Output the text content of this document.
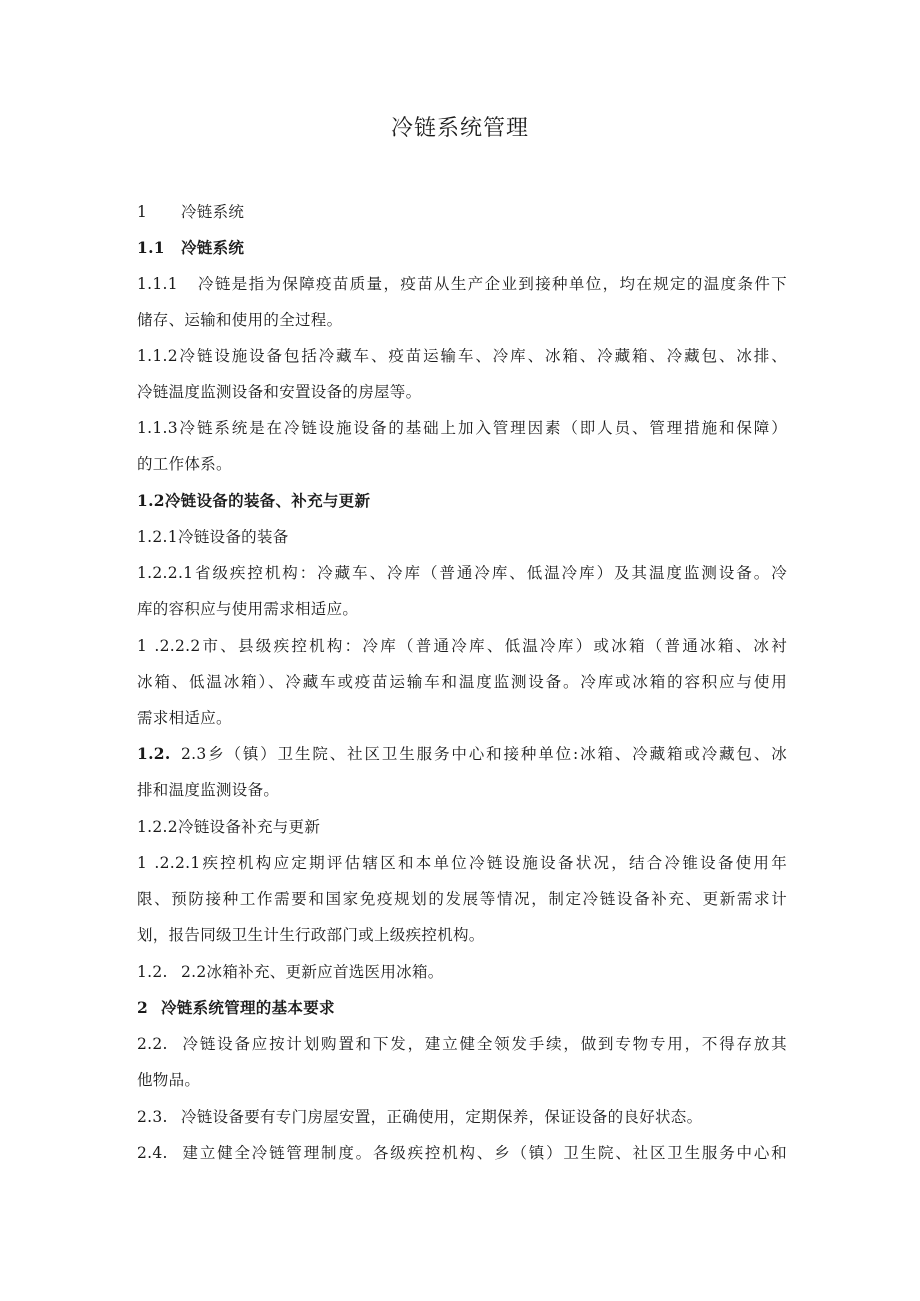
冷链系统管理
1 冷链系统
1.1 冷链系统
1.1.1 冷链是指为保障疫苗质量，疫苗从生产企业到接种单位，均在规定的温度条件下
储存、运输和使用的全过程。
1.1.2冷链设施设备包括冷藏车、疫苗运输车、冷库、冰箱、冷藏箱、冷藏包、冰排、
冷链温度监测设备和安置设备的房屋等。
1.1.3冷链系统是在冷链设施设备的基础上加入管理因素（即人员、管理措施和保障）
的工作体系。
1.2冷链设备的装备、补充与更新
1.2.1冷链设备的装备
1.2.2.1省级疾控机构：冷藏车、冷库（普通冷库、低温冷库）及其温度监测设备。冷
库的容积应与使用需求相适应。
1 .2.2.2市、县级疾控机构：冷库（普通冷库、低温冷库）或冰箱（普通冰箱、冰衬
冰箱、低温冰箱）、冷藏车或疫苗运输车和温度监测设备。冷库或冰箱的容积应与使用
需求相适应。
1.2. 2.3乡（镇）卫生院、社区卫生服务中心和接种单位:冰箱、冷藏箱或冷藏包、冰
排和温度监测设备。
1.2.2冷链设备补充与更新
1 .2.2.1疾控机构应定期评估辖区和本单位冷链设施设备状况，结合冷锥设备使用年
限、预防接种工作需要和国家免疫规划的发展等情况，制定冷链设备补充、更新需求计
划，报告同级卫生计生行政部门或上级疾控机构。
1.2. 2.2冰箱补充、更新应首选医用冰箱。
2 冷链系统管理的基本要求
2.2. 冷链设备应按计划购置和下发，建立健全领发手续，做到专物专用，不得存放其
他物品。
2.3. 冷链设备要有专门房屋安置，正确使用，定期保养，保证设备的良好状态。
2.4. 建立健全冷链管理制度。各级疾控机构、乡（镇）卫生院、社区卫生服务中心和
